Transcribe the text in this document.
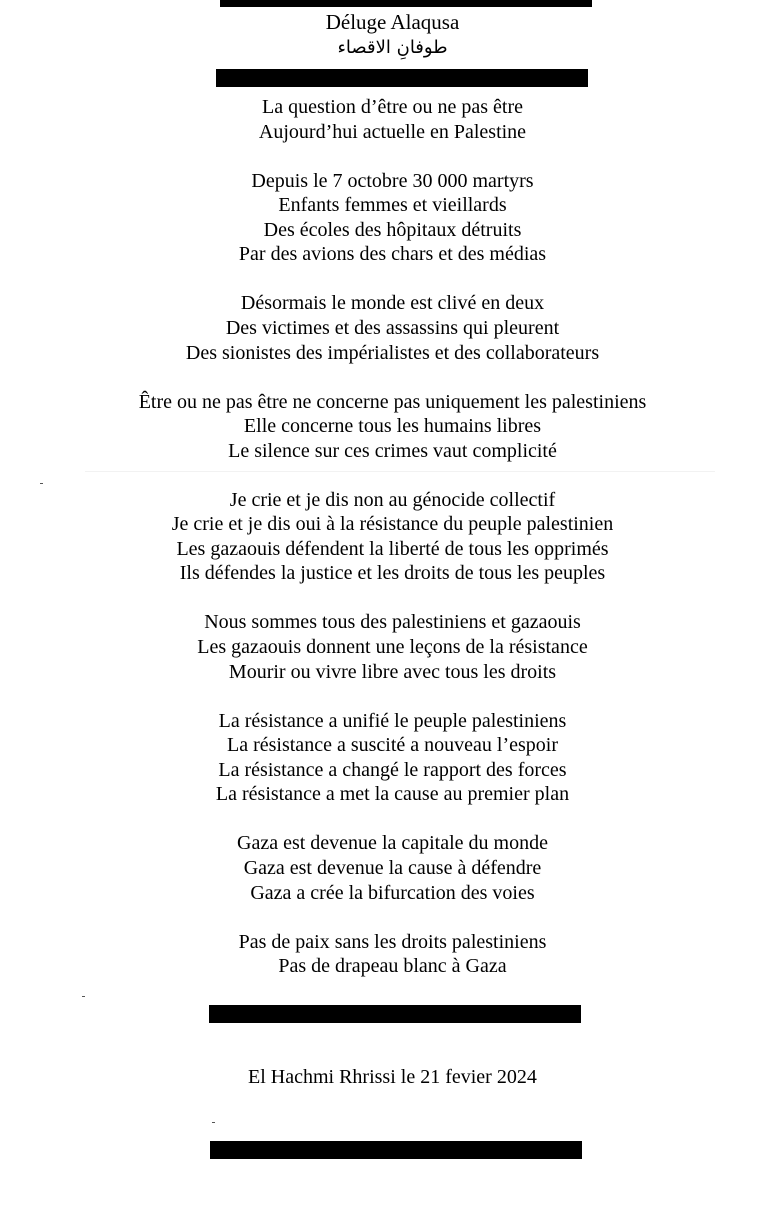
Déluge Alaqusa
طوفانِ الاقصاء
La question d’être ou ne pas être
Aujourd’hui actuelle en Palestine
Depuis le 7 octobre 30 000 martyrs
Enfants femmes et vieillards
Des écoles des hôpitaux détruits
Par des avions des chars et des médias
Désormais le monde est clivé en deux
Des victimes et des assassins qui pleurent
Des sionistes des impérialistes et des collaborateurs
Être ou ne pas être ne concerne pas uniquement les palestiniens
Elle concerne tous les humains libres
Le silence sur ces crimes vaut complicité
Je crie et je dis non au génocide collectif
Je crie et je dis oui à la résistance du peuple palestinien
Les gazaouis défendent la liberté de tous les opprimés
Ils défendes la justice et les droits de tous les peuples
Nous sommes tous des palestiniens et gazaouis
Les gazaouis donnent une leçons de la résistance
Mourir ou vivre libre avec tous les droits
La résistance a unifié le peuple palestiniens
La résistance a suscité a nouveau l’espoir
La résistance a changé le rapport des forces
La résistance a met la cause au premier plan
Gaza est devenue la capitale du monde
Gaza est devenue la cause à défendre
Gaza a crée la bifurcation des voies
Pas de paix sans les droits palestiniens
Pas de drapeau blanc à Gaza
El Hachmi Rhrissi le 21 fevier 2024
